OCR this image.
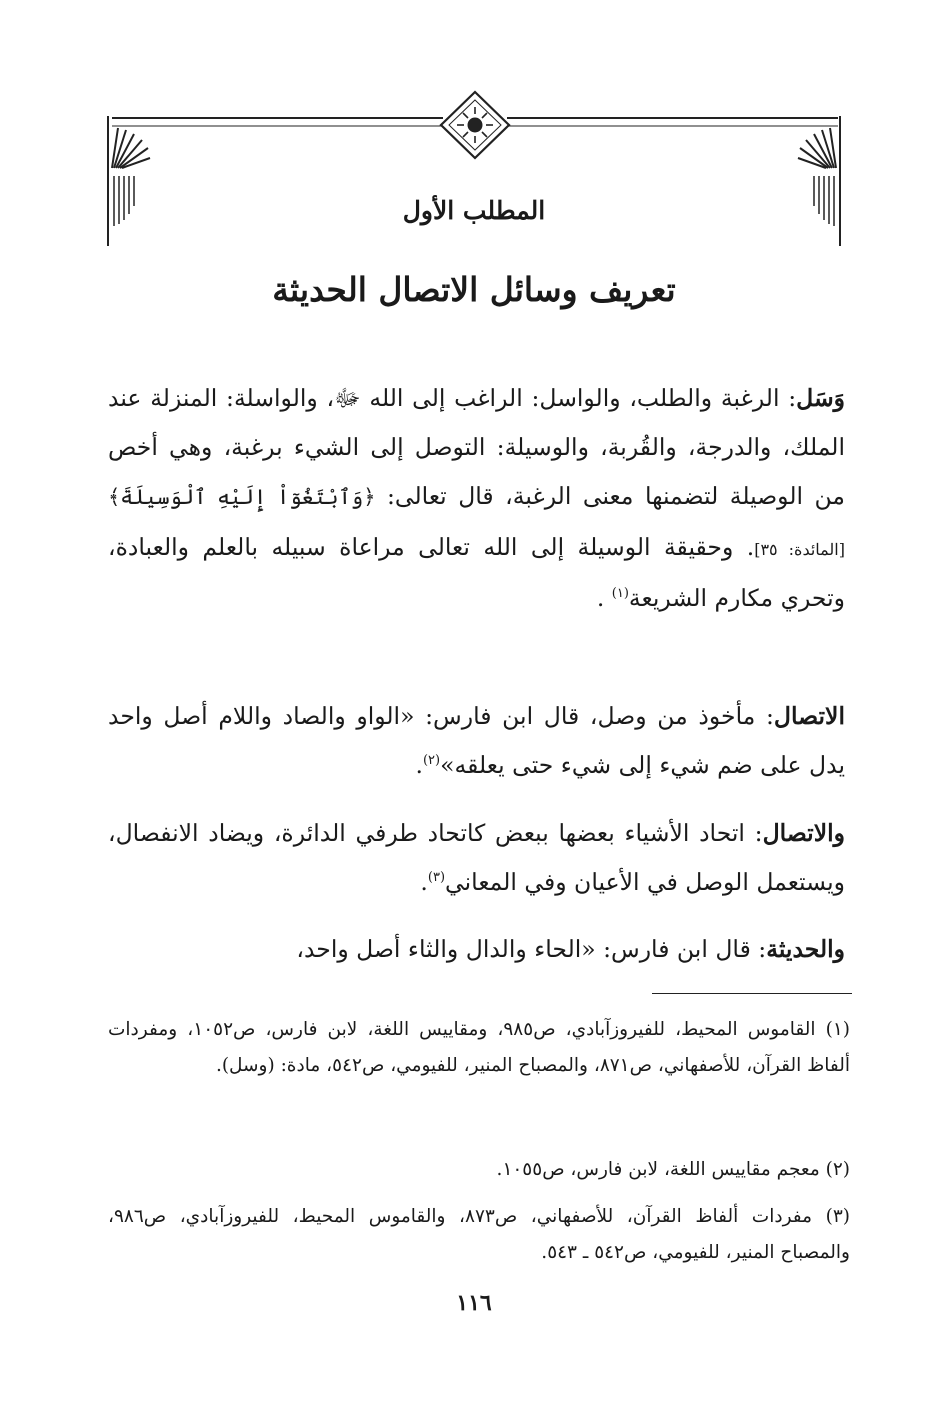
المطلب الأول
تعريف وسائل الاتصال الحديثة
وَسَل: الرغبة والطلب، والواسل: الراغب إلى الله ﷻ، والواسلة: المنزلة عند الملك، والدرجة، والقُربة، والوسيلة: التوصل إلى الشيء برغبة، وهي أخص من الوصيلة لتضمنها معنى الرغبة، قال تعالى: ﴿وَٱبْتَغُوٓاْ إِلَيْهِ ٱلْوَسِيلَةَ﴾ [المائدة: ٣٥]. وحقيقة الوسيلة إلى الله تعالى مراعاة سبيله بالعلم والعبادة، وتحري مكارم الشريعة$^{(١)}$ .
الاتصال: مأخوذ من وصل، قال ابن فارس: «الواو والصاد واللام أصل واحد يدل على ضم شيء إلى شيء حتى يعلقه»$^{(٢)}$.
والاتصال: اتحاد الأشياء بعضها ببعض كاتحاد طرفي الدائرة، ويضاد الانفصال، ويستعمل الوصل في الأعيان وفي المعاني$^{(٣)}$.
والحديثة: قال ابن فارس: «الحاء والدال والثاء أصل واحد،
(١) القاموس المحيط، للفيروزآبادي، ص٩٨٥، ومقاييس اللغة، لابن فارس، ص١٠٥٢، ومفردات ألفاظ القرآن، للأصفهاني، ص٨٧١، والمصباح المنير، للفيومي، ص٥٤٢، مادة: (وسل).
(٢) معجم مقاييس اللغة، لابن فارس، ص١٠٥٥.
(٣) مفردات ألفاظ القرآن، للأصفهاني، ص٨٧٣، والقاموس المحيط، للفيروزآبادي، ص٩٨٦، والمصباح المنير، للفيومي، ص٥٤٢ ـ ٥٤٣.
١١٦
